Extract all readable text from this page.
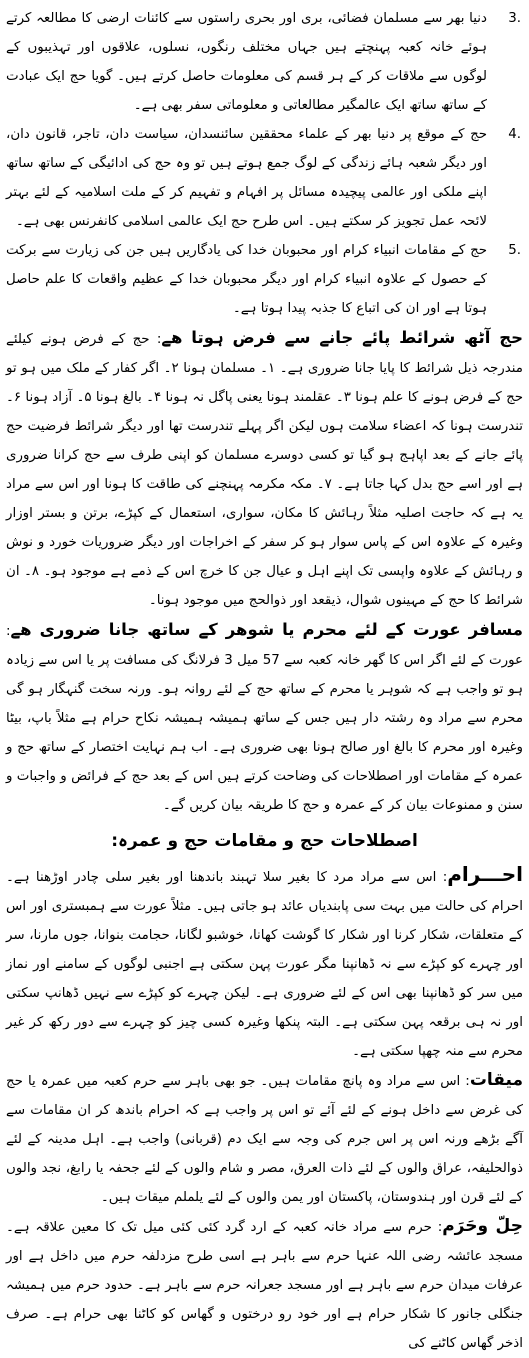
.3
دنیا بھر سے مسلمان فضائی، بری اور بحری راستوں سے کائنات ارضی کا مطالعہ کرتے ہوئے خانہ کعبہ پہنچتے ہیں جہاں مختلف رنگوں، نسلوں، علاقوں اور تہذیبوں کے لوگوں سے ملاقات کر کے ہر قسم کی معلومات حاصل کرتے ہیں۔ گویا حج ایک عبادت کے ساتھ ساتھ ایک عالمگیر مطالعاتی و معلوماتی سفر بھی ہے۔

.4
حج کے موقع پر دنیا بھر کے علماء محققین سائنسدان، سیاست دان، تاجر، قانون دان، اور دیگر شعبہ ہائے زندگی کے لوگ جمع ہوتے ہیں تو وہ حج کی ادائیگی کے ساتھ ساتھ اپنے ملکی اور عالمی پیچیدہ مسائل پر افہام و تفہیم کر کے ملت اسلامیہ کے لئے بہتر لائحہ عمل تجویز کر سکتے ہیں۔ اس طرح حج ایک عالمی اسلامی کانفرنس بھی ہے۔

.5
حج کے مقامات انبیاء کرام اور محبوبان خدا کی یادگاریں ہیں جن کی زیارت سے برکت کے حصول کے علاوہ انبیاء کرام اور دیگر محبوبان خدا کے عظیم واقعات کا علم حاصل ہوتا ہے اور ان کی اتباع کا جذبہ پیدا ہوتا ہے۔

حج آٹھ شرائط پائے جانے سے فرض ہوتا ھے: حج کے فرض ہونے کیلئے مندرجہ ذیل شرائط کا پایا جانا ضروری ہے۔ ۱۔ مسلمان ہونا ۲۔ اگر کفار کے ملک میں ہو تو حج کے فرض ہونے کا علم ہونا ۳۔ عقلمند ہونا یعنی پاگل نہ ہونا ۴۔ بالغ ہونا ۵۔ آزاد ہونا ۶۔ تندرست ہونا کہ اعضاء سلامت ہوں لیکن اگر پہلے تندرست تھا اور دیگر شرائط فرضیت حج پائے جانے کے بعد اپاہج ہو گیا تو کسی دوسرے مسلمان کو اپنی طرف سے حج کرانا ضروری ہے اور اسے حج بدل کہا جاتا ہے۔ ۷۔ مکہ مکرمہ پہنچنے کی طاقت کا ہونا اور اس سے مراد یہ ہے کہ حاجت اصلیہ مثلاً رہائش کا مکان، سواری، استعمال کے کپڑے، برتن و بستر اوزار وغیرہ کے علاوہ اس کے پاس سوار ہو کر سفر کے اخراجات اور دیگر ضروریات خورد و نوش و رہائش کے علاوہ واپسی تک اپنے اہل و عیال جن کا خرچ اس کے ذمے ہے موجود ہو۔ ۸۔ ان شرائط کا حج کے مہینوں شوال، ذیقعد اور ذوالحج میں موجود ہونا۔

مسافر عورت کے لئے محرم یا شوھر کے ساتھ جانا ضروری ھے: عورت کے لئے اگر اس کا گھر خانہ کعبہ سے 57 میل 3 فرلانگ کی مسافت پر یا اس سے زیادہ ہو تو واجب ہے کہ شوہر یا محرم کے ساتھ حج کے لئے روانہ ہو۔ ورنہ سخت گنہگار ہو گی محرم سے مراد وہ رشتہ دار ہیں جس کے ساتھ ہمیشہ ہمیشہ نکاح حرام ہے مثلاً باپ، بیٹا وغیرہ اور محرم کا بالغ اور صالح ہونا بھی ضروری ہے۔ اب ہم نہایت اختصار کے ساتھ حج و عمرہ کے مقامات اور اصطلاحات کی وضاحت کرتے ہیں اس کے بعد حج کے فرائض و واجبات و سنن و ممنوعات بیان کر کے عمرہ و حج کا طریقہ بیان کریں گے۔

اصطلاحات حج و مقامات حج و عمرہ:

احـــرام: اس سے مراد مرد کا بغیر سلا تہبند باندھنا اور بغیر سلی چادر اوڑھنا ہے۔ احرام کی حالت میں بہت سی پابندیاں عائد ہو جاتی ہیں۔ مثلاً عورت سے ہمبستری اور اس کے متعلقات، شکار کرنا اور شکار کا گوشت کھانا، خوشبو لگانا، حجامت بنوانا، جوں مارنا، سر اور چہرے کو کپڑے سے نہ ڈھانپنا مگر عورت پہن سکتی ہے اجنبی لوگوں کے سامنے اور نماز میں سر کو ڈھانپنا بھی اس کے لئے ضروری ہے۔ لیکن چہرے کو کپڑے سے نہیں ڈھانپ سکتی اور نہ ہی برقعہ پہن سکتی ہے۔ البتہ پنکھا وغیرہ کسی چیز کو چہرے سے دور رکھ کر غیر محرم سے منہ چھپا سکتی ہے۔

میقات: اس سے مراد وہ پانچ مقامات ہیں۔ جو بھی باہر سے حرم کعبہ میں عمرہ یا حج کی غرض سے داخل ہونے کے لئے آئے تو اس پر واجب ہے کہ احرام باندھ کر ان مقامات سے آگے بڑھے ورنہ اس پر اس جرم کی وجہ سے ایک دم (قربانی) واجب ہے۔ اہل مدینہ کے لئے ذوالحلیفہ، عراق والوں کے لئے ذات العرق، مصر و شام والوں کے لئے جحفہ یا رابغ، نجد والوں کے لئے قرن اور ہندوستان، پاکستان اور یمن والوں کے لئے یلملم میقات ہیں۔

حِلّ وحَرَم: حرم سے مراد خانہ کعبہ کے ارد گرد کئی کئی میل تک کا معین علاقہ ہے۔ مسجد عائشہ رضی اللہ عنہا حرم سے باہر ہے اسی طرح مزدلفہ حرم میں داخل ہے اور عرفات میدان حرم سے باہر ہے اور مسجد جعرانہ حرم سے باہر ہے۔ حدود حرم میں ہمیشہ جنگلی جانور کا شکار حرام ہے اور خود رو درختوں و گھاس کو کاٹنا بھی حرام ہے۔ صرف اذخر گھاس کاٹنے کی
